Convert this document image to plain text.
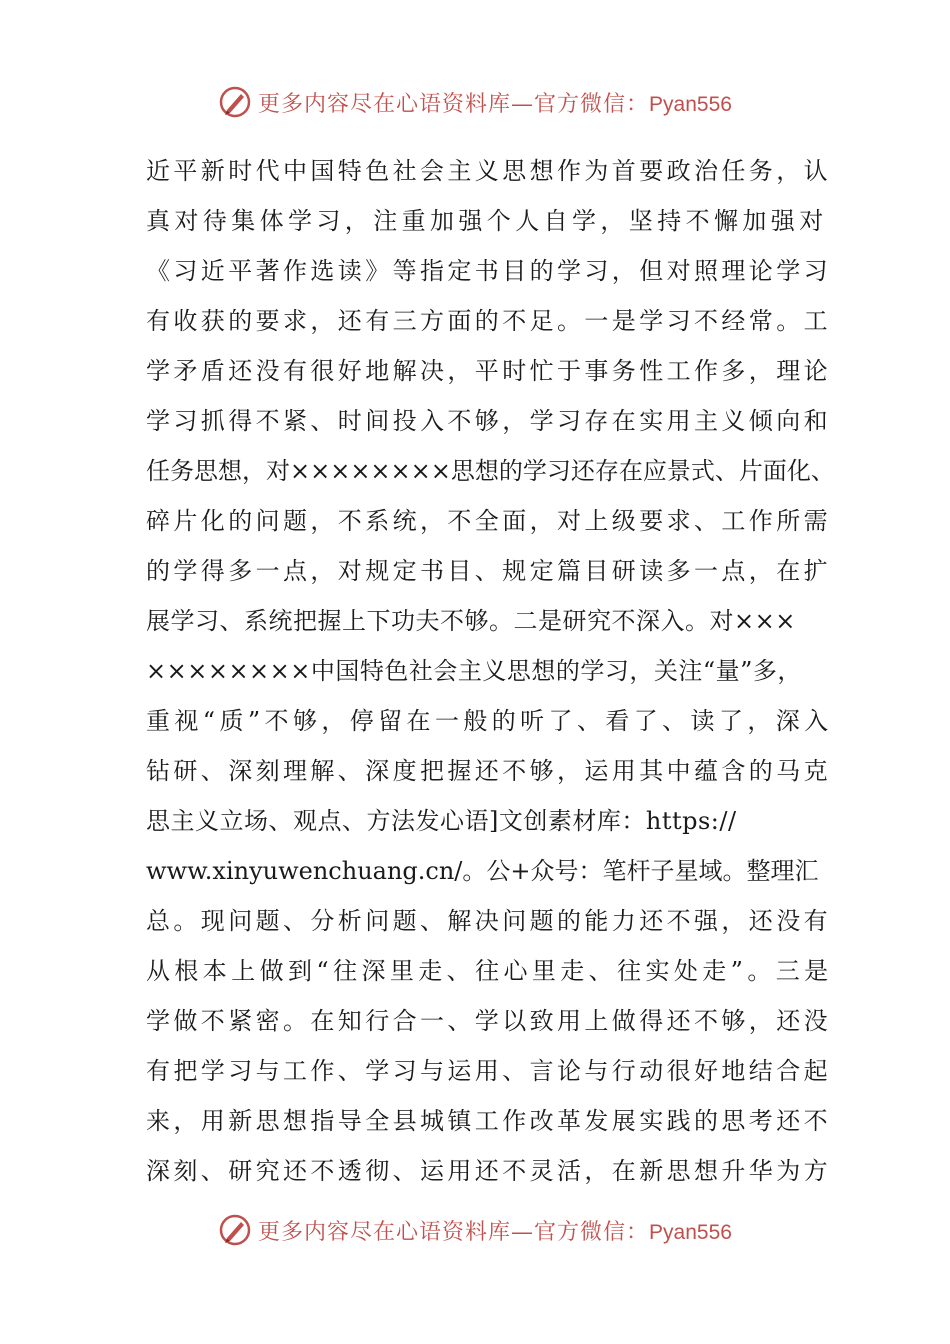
更多内容尽在心语资料库—官方微信：Pyan556
近平新时代中国特色社会主义思想作为首要政治任务，认
真对待集体学习，注重加强个人自学，坚持不懈加强对
《习近平著作选读》等指定书目的学习，但对照理论学习
有收获的要求，还有三方面的不足。一是学习不经常。工
学矛盾还没有很好地解决，平时忙于事务性工作多，理论
学习抓得不紧、时间投入不够，学习存在实用主义倾向和
任务思想，对××××××××思想的学习还存在应景式、片面化、
碎片化的问题，不系统，不全面，对上级要求、工作所需
的学得多一点，对规定书目、规定篇目研读多一点，在扩
展学习、系统把握上下功夫不够。二是研究不深入。对×××
××××××××中国特色社会主义思想的学习，关注“量”多，
重视“质”不够，停留在一般的听了、看了、读了，深入
钻研、深刻理解、深度把握还不够，运用其中蕴含的马克
思主义立场、观点、方法发心语]文创素材库：https://
www.xinyuwenchuang.cn/。公+众号：笔杆子星域。整理汇
总。现问题、分析问题、解决问题的能力还不强，还没有
从根本上做到“往深里走、往心里走、往实处走”。三是
学做不紧密。在知行合一、学以致用上做得还不够，还没
有把学习与工作、学习与运用、言论与行动很好地结合起
来，用新思想指导全县城镇工作改革发展实践的思考还不
深刻、研究还不透彻、运用还不灵活，在新思想升华为方
更多内容尽在心语资料库—官方微信：Pyan556
